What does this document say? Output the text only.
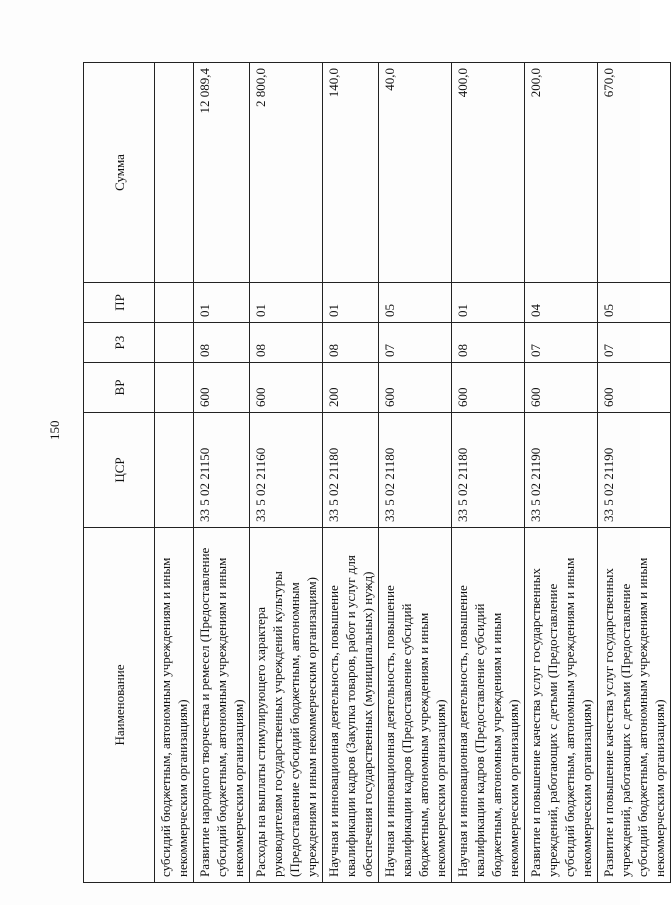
150
Наименование	ЦСР	ВР	РЗ	ПР	Сумма
субсидий бюджетным, автономным учреждениям и иным некоммерческим организациям)					
Развитие народного творчества и ремесел (Предоставление субсидий бюджетным, автономным учреждениям и иным некоммерческим организациям)	33 5 02 21150	600	08	01	12 089,4
Расходы на выплаты стимулирующего характера руководителям государственных учреждений культуры (Предоставление субсидий бюджетным, автономным учреждениям и иным некоммерческим организациям)	33 5 02 21160	600	08	01	2 800,0
Научная и инновационная деятельность, повышение квалификации кадров (Закупка товаров, работ и услуг для обеспечения государственных (муниципальных) нужд)	33 5 02 21180	200	08	01	140,0
Научная и инновационная деятельность, повышение квалификации кадров (Предоставление субсидий бюджетным, автономным учреждениям и иным некоммерческим организациям)	33 5 02 21180	600	07	05	40,0
Научная и инновационная деятельность, повышение квалификации кадров (Предоставление субсидий бюджетным, автономным учреждениям и иным некоммерческим организациям)	33 5 02 21180	600	08	01	400,0
Развитие и повышение качества услуг государственных учреждений, работающих с детьми (Предоставление субсидий бюджетным, автономным учреждениям и иным некоммерческим организациям)	33 5 02 21190	600	07	04	200,0
Развитие и повышение качества услуг государственных учреждений, работающих с детьми (Предоставление субсидий бюджетным, автономным учреждениям и иным некоммерческим организациям)	33 5 02 21190	600	07	05	670,0
